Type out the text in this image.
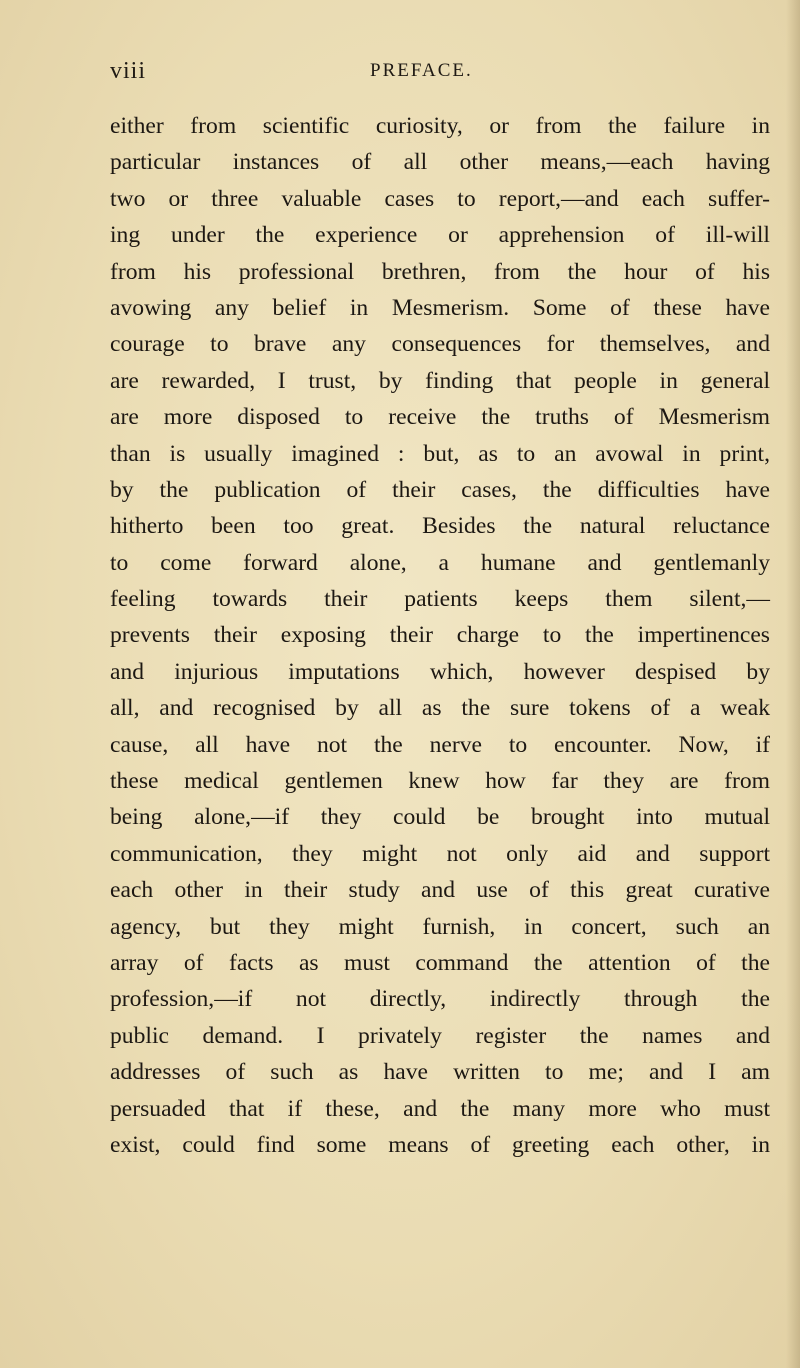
viii	PREFACE.
either from scientific curiosity, or from the failure in
particular instances of all other means,—each having
two or three valuable cases to report,—and each suffer-
ing under the experience or apprehension of ill-will
from his professional brethren, from the hour of his
avowing any belief in Mesmerism. Some of these have
courage to brave any consequences for themselves, and
are rewarded, I trust, by finding that people in general
are more disposed to receive the truths of Mesmerism
than is usually imagined : but, as to an avowal in print,
by the publication of their cases, the difficulties have
hitherto been too great. Besides the natural reluctance
to come forward alone, a humane and gentlemanly
feeling towards their patients keeps them silent,—
prevents their exposing their charge to the impertinences
and injurious imputations which, however despised by
all, and recognised by all as the sure tokens of a weak
cause, all have not the nerve to encounter. Now, if
these medical gentlemen knew how far they are from
being alone,—if they could be brought into mutual
communication, they might not only aid and support
each other in their study and use of this great curative
agency, but they might furnish, in concert, such an
array of facts as must command the attention of the
profession,—if not directly, indirectly through the
public demand. I privately register the names and
addresses of such as have written to me; and I am
persuaded that if these, and the many more who must
exist, could find some means of greeting each other, in
